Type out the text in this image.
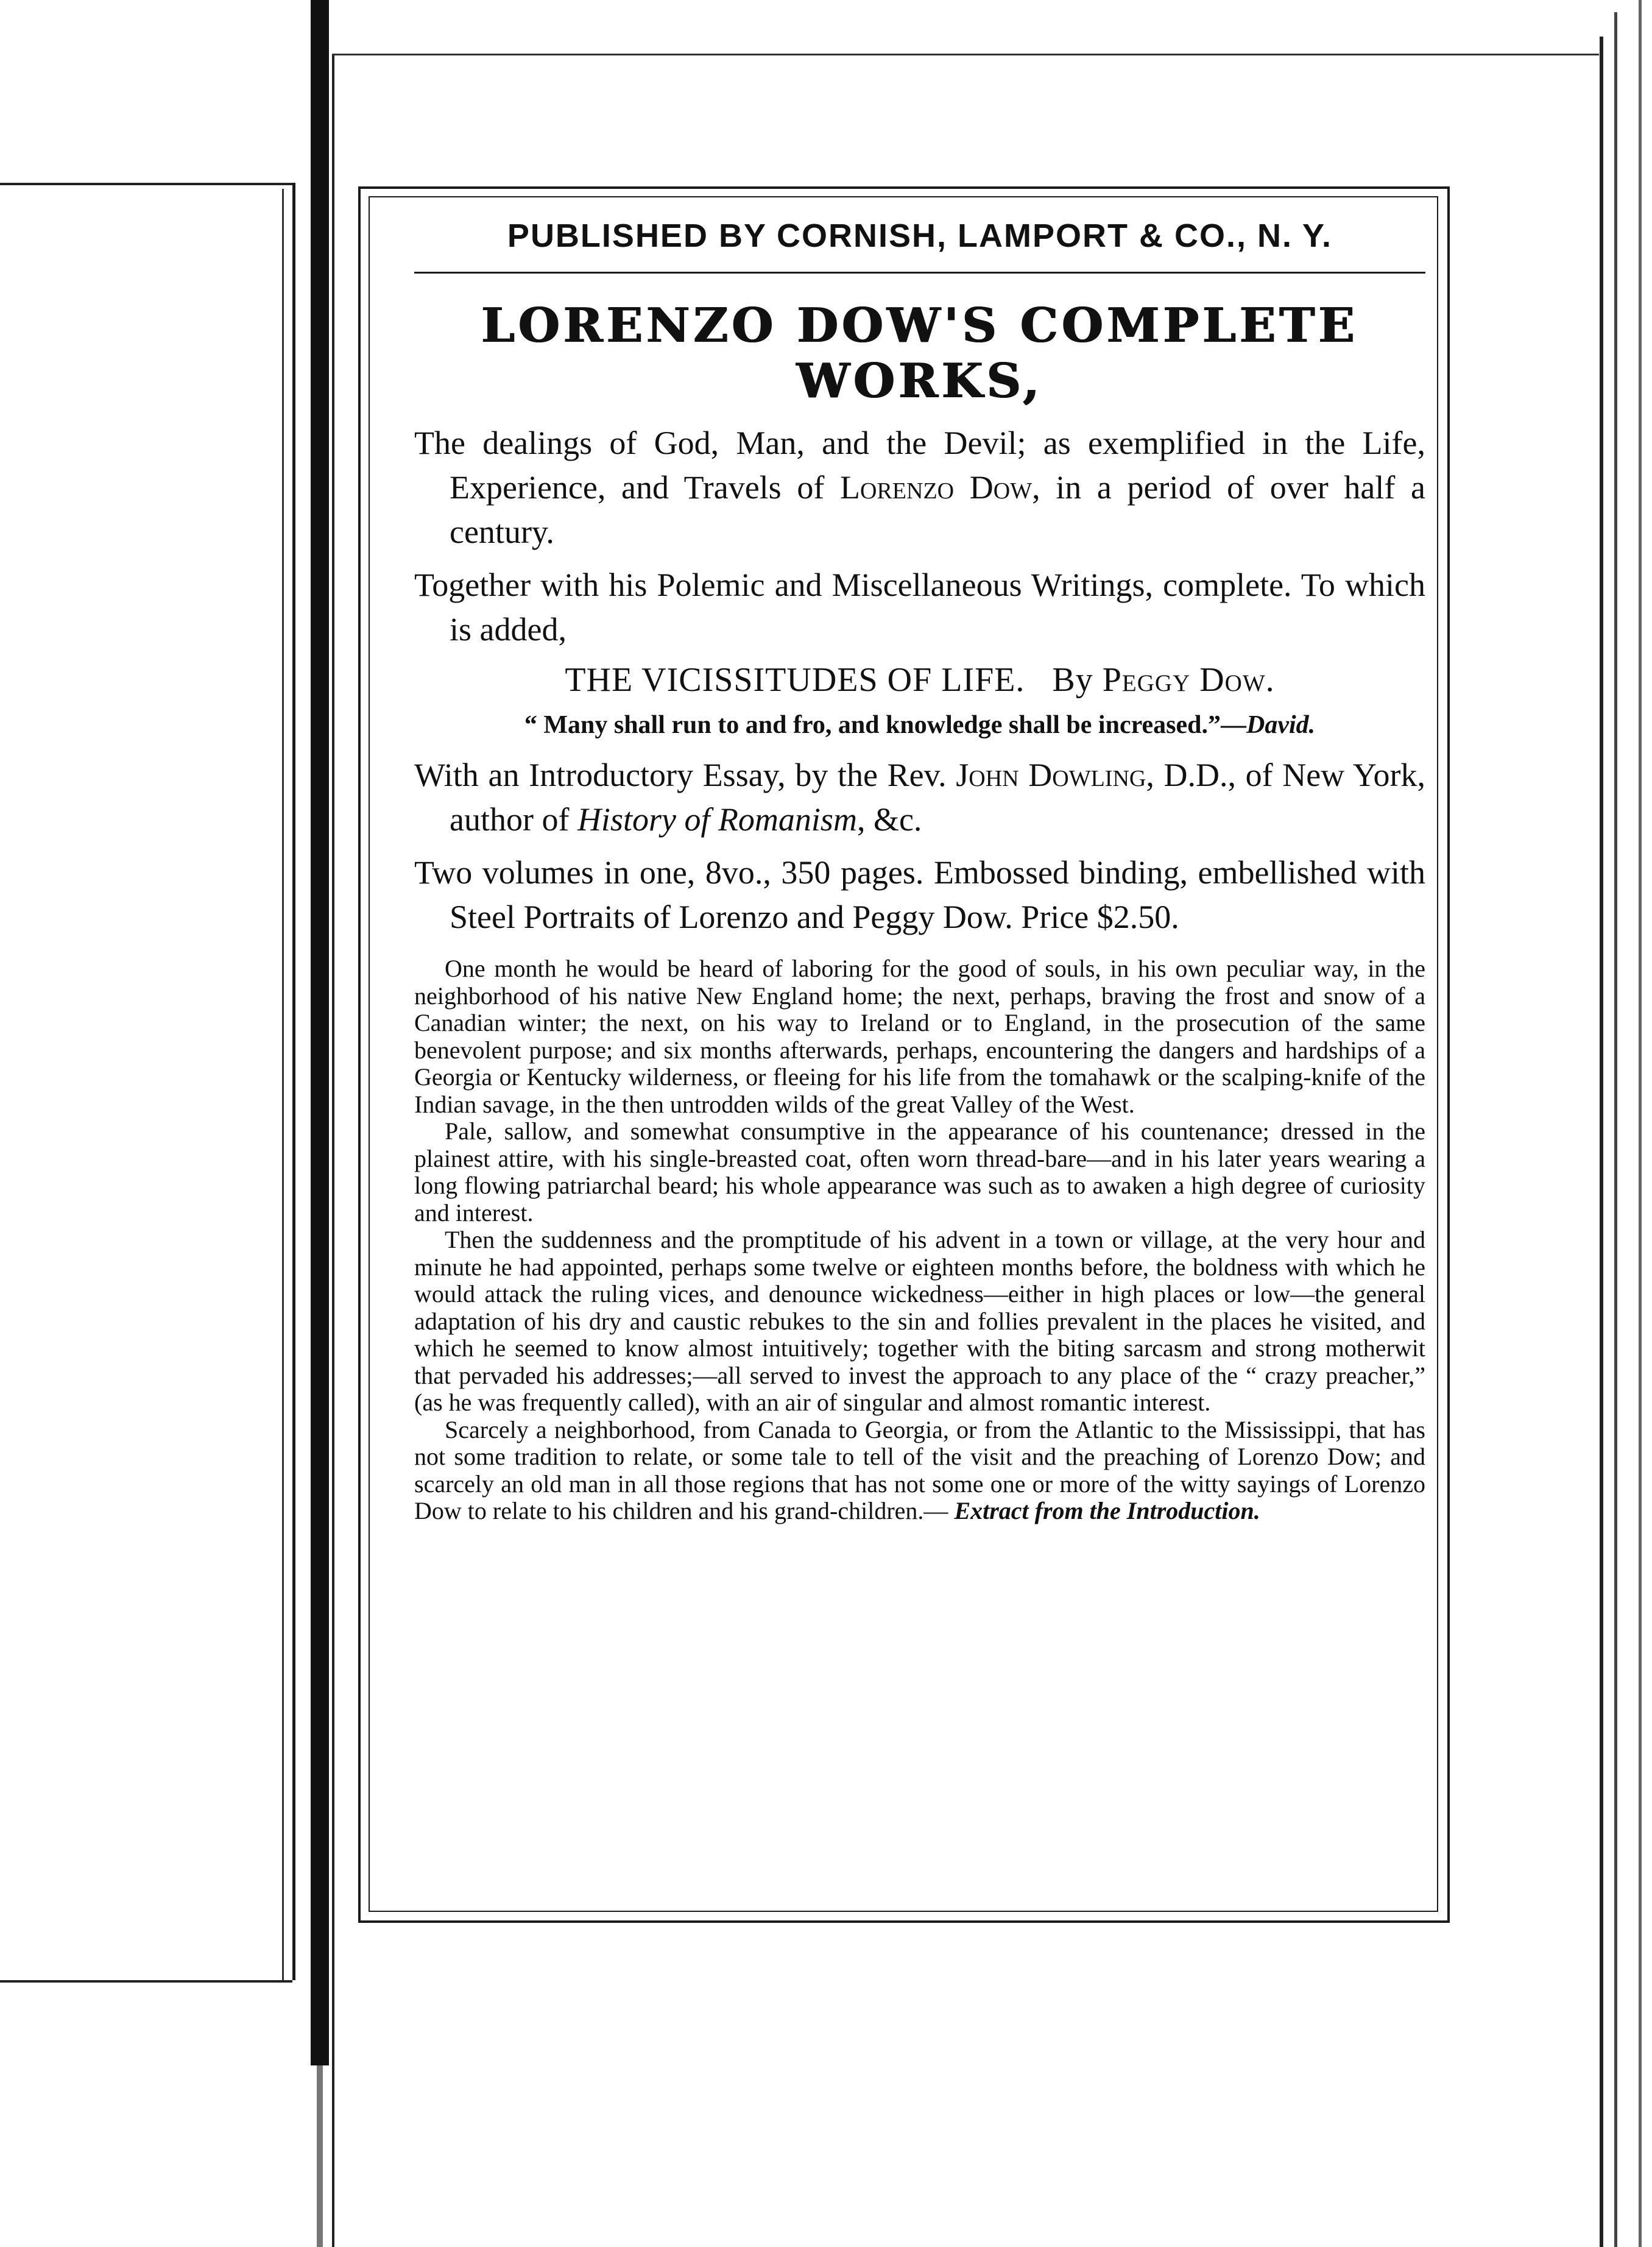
PUBLISHED BY CORNISH, LAMPORT & CO., N. Y.

LORENZO DOW'S COMPLETE WORKS,

The dealings of God, Man, and the Devil; as exemplified in the Life, Experience, and Travels of Lorenzo Dow, in a period of over half a century.

Together with his Polemic and Miscellaneous Writings, complete. To which is added,

THE VICISSITUDES OF LIFE. By Peggy Dow.

“ Many shall run to and fro, and knowledge shall be increased.”—David.

With an Introductory Essay, by the Rev. John Dowling, D.D., of New York, author of History of Romanism, &c.

Two volumes in one, 8vo., 350 pages. Embossed binding, embellished with Steel Portraits of Lorenzo and Peggy Dow. Price $2.50.

One month he would be heard of laboring for the good of souls, in his own peculiar way, in the neighborhood of his native New England home; the next, perhaps, braving the frost and snow of a Canadian winter; the next, on his way to Ireland or to England, in the prosecution of the same benevolent purpose; and six months afterwards, perhaps, encountering the dangers and hardships of a Georgia or Kentucky wilderness, or fleeing for his life from the tomahawk or the scalping-knife of the Indian savage, in the then untrodden wilds of the great Valley of the West.

Pale, sallow, and somewhat consumptive in the appearance of his countenance; dressed in the plainest attire, with his single-breasted coat, often worn thread-bare—and in his later years wearing a long flowing patriarchal beard; his whole appearance was such as to awaken a high degree of curiosity and interest.

Then the suddenness and the promptitude of his advent in a town or village, at the very hour and minute he had appointed, perhaps some twelve or eighteen months before, the boldness with which he would attack the ruling vices, and denounce wickedness—either in high places or low—the general adaptation of his dry and caustic rebukes to the sin and follies prevalent in the places he visited, and which he seemed to know almost intuitively; together with the biting sarcasm and strong motherwit that pervaded his addresses;—all served to invest the approach to any place of the “ crazy preacher,” (as he was frequently called), with an air of singular and almost romantic interest.

Scarcely a neighborhood, from Canada to Georgia, or from the Atlantic to the Mississippi, that has not some tradition to relate, or some tale to tell of the visit and the preaching of Lorenzo Dow; and scarcely an old man in all those regions that has not some one or more of the witty sayings of Lorenzo Dow to relate to his children and his grand-children.— Extract from the Introduction.
